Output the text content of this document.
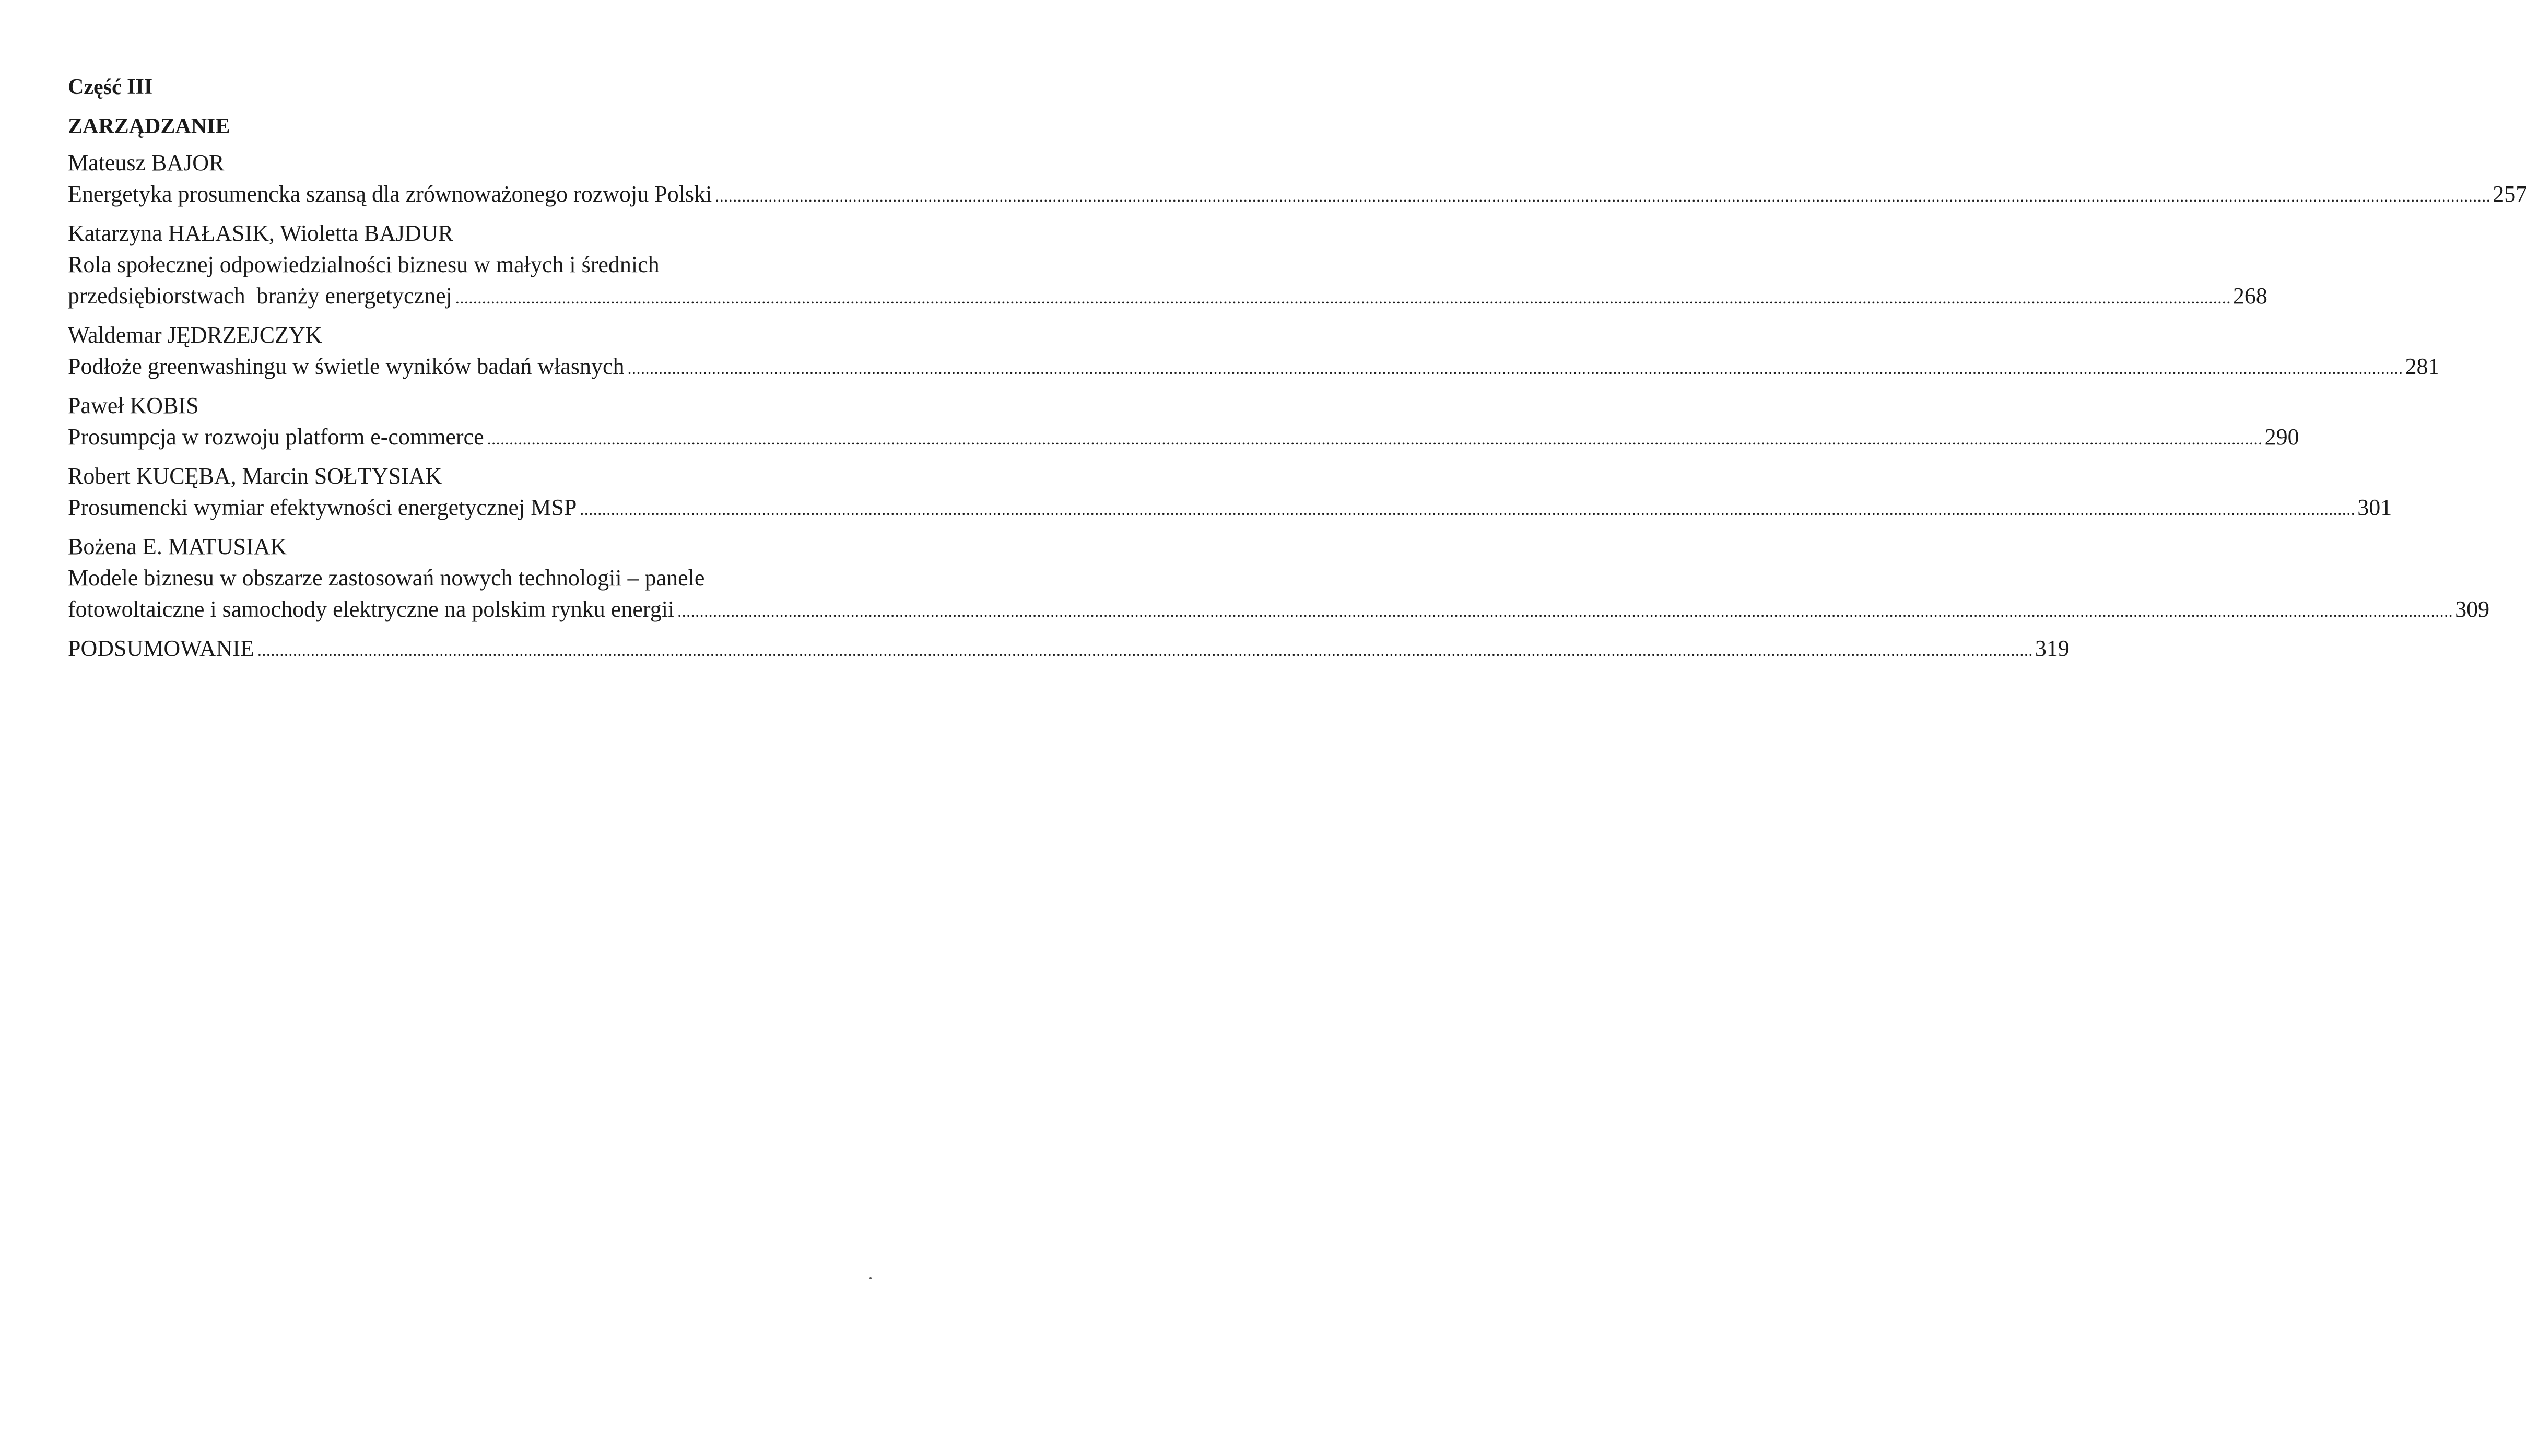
Część III
ZARZĄDZANIE
Mateusz BAJOR
Energetyka prosumencka szansą dla zrównoważonego rozwoju Polski ................................................................................................................................................................................................................................................................................................................................................................................................................ 257
Katarzyna HAŁASIK, Wioletta BAJDUR
Rola społecznej odpowiedzialności biznesu w małych i średnich
przedsiębiorstwach  branży energetycznej ................................................................................................................................................................................................................................................................................................................................................................................................................ 268
Waldemar JĘDRZEJCZYK
Podłoże greenwashingu w świetle wyników badań własnych ................................................................................................................................................................................................................................................................................................................................................................................................................ 281
Paweł KOBIS
Prosumpcja w rozwoju platform e-commerce ................................................................................................................................................................................................................................................................................................................................................................................................................ 290
Robert KUCĘBA, Marcin SOŁTYSIAK
Prosumencki wymiar efektywności energetycznej MSP ................................................................................................................................................................................................................................................................................................................................................................................................................ 301
Bożena E. MATUSIAK
Modele biznesu w obszarze zastosowań nowych technologii – panele
fotowoltaiczne i samochody elektryczne na polskim rynku energii ................................................................................................................................................................................................................................................................................................................................................................................................................ 309
PODSUMOWANIE ................................................................................................................................................................................................................................................................................................................................................................................................................ 319
